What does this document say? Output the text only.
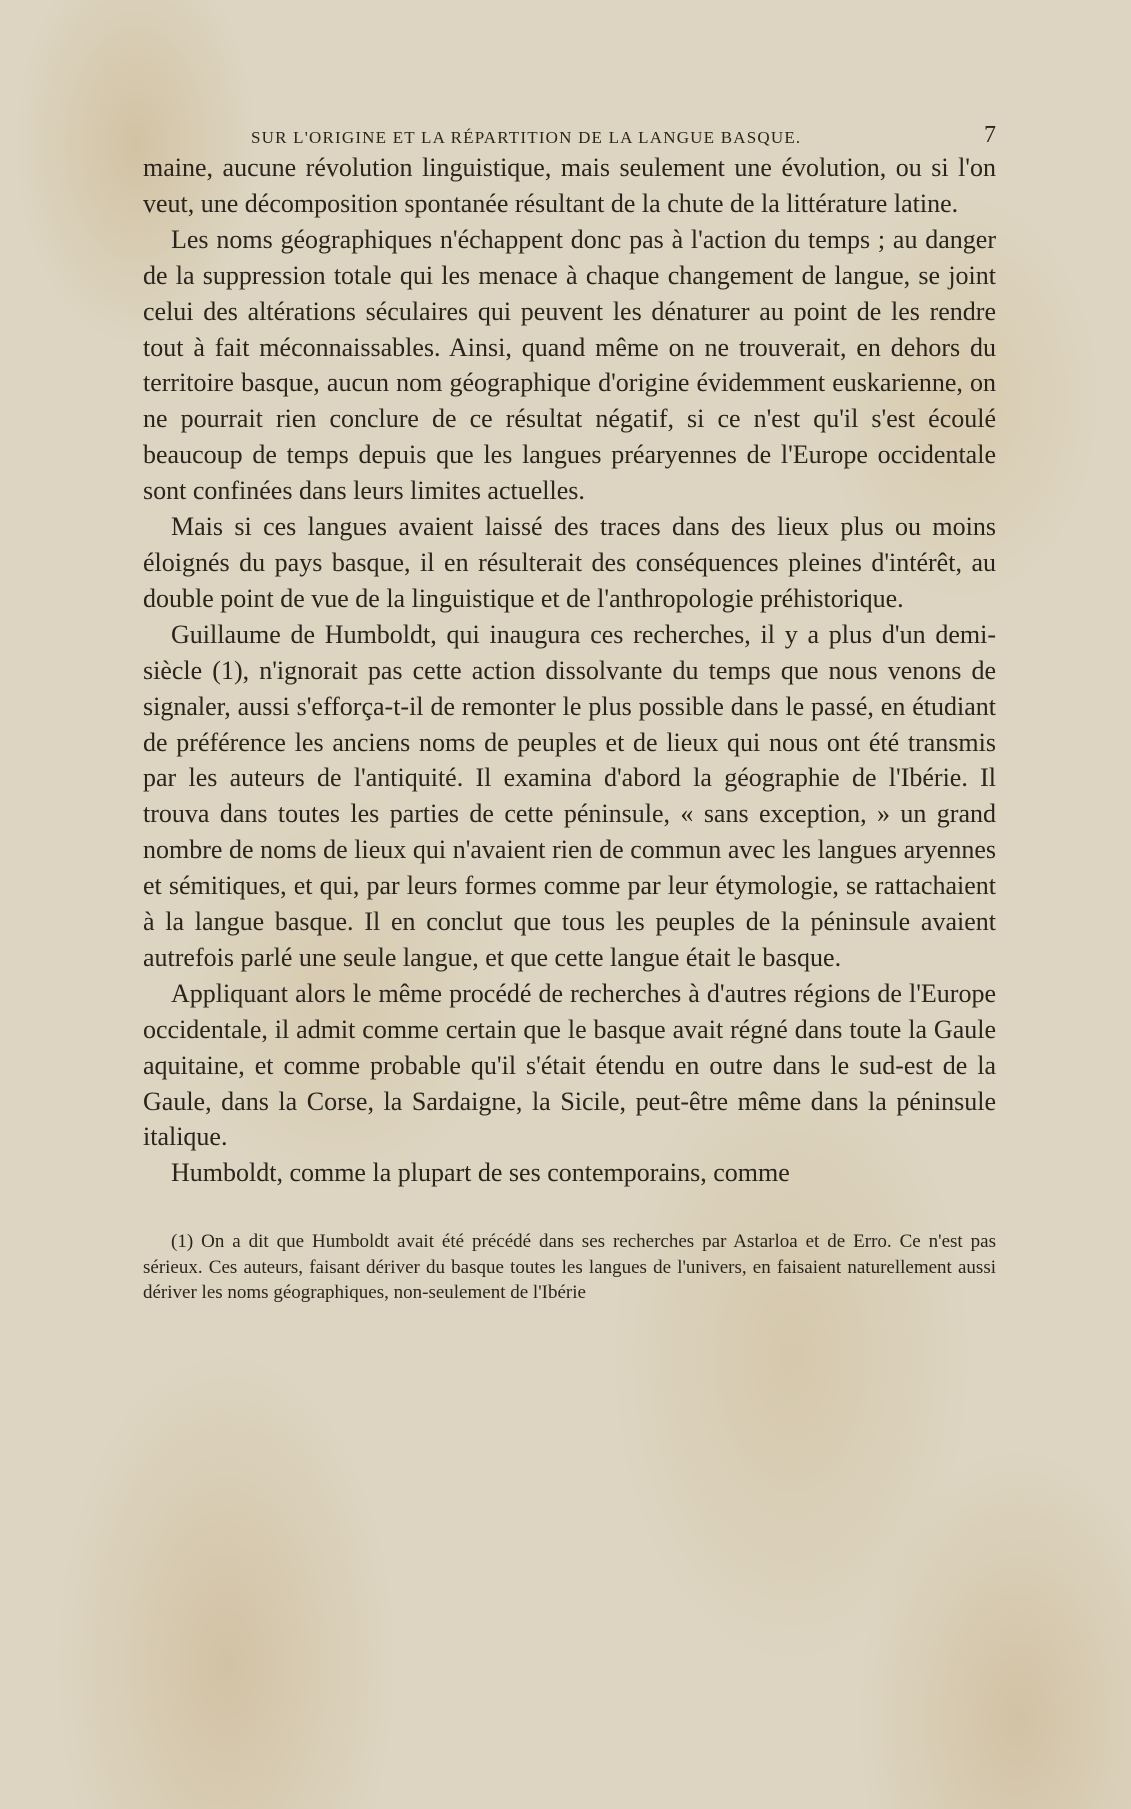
SUR L'ORIGINE ET LA RÉPARTITION DE LA LANGUE BASQUE.	7

maine, aucune révolution linguistique, mais seulement une évolution, ou si l'on veut, une décomposition spontanée résultant de la chute de la littérature latine.

Les noms géographiques n'échappent donc pas à l'action du temps ; au danger de la suppression totale qui les menace à chaque changement de langue, se joint celui des altérations séculaires qui peuvent les dénaturer au point de les rendre tout à fait méconnaissables. Ainsi, quand même on ne trouverait, en dehors du territoire basque, aucun nom géographique d'origine évidemment euskarienne, on ne pourrait rien conclure de ce résultat négatif, si ce n'est qu'il s'est écoulé beaucoup de temps depuis que les langues préaryennes de l'Europe occidentale sont confinées dans leurs limites actuelles.

Mais si ces langues avaient laissé des traces dans des lieux plus ou moins éloignés du pays basque, il en résulterait des conséquences pleines d'intérêt, au double point de vue de la linguistique et de l'anthropologie préhistorique.

Guillaume de Humboldt, qui inaugura ces recherches, il y a plus d'un demi-siècle (1), n'ignorait pas cette action dissolvante du temps que nous venons de signaler, aussi s'efforça-t-il de remonter le plus possible dans le passé, en étudiant de préférence les anciens noms de peuples et de lieux qui nous ont été transmis par les auteurs de l'antiquité. Il examina d'abord la géographie de l'Ibérie. Il trouva dans toutes les parties de cette péninsule, « sans exception, » un grand nombre de noms de lieux qui n'avaient rien de commun avec les langues aryennes et sémitiques, et qui, par leurs formes comme par leur étymologie, se rattachaient à la langue basque. Il en conclut que tous les peuples de la péninsule avaient autrefois parlé une seule langue, et que cette langue était le basque.

Appliquant alors le même procédé de recherches à d'autres régions de l'Europe occidentale, il admit comme certain que le basque avait régné dans toute la Gaule aquitaine, et comme probable qu'il s'était étendu en outre dans le sud-est de la Gaule, dans la Corse, la Sardaigne, la Sicile, peut-être même dans la péninsule italique.

Humboldt, comme la plupart de ses contemporains, comme

(1) On a dit que Humboldt avait été précédé dans ses recherches par Astarloa et de Erro. Ce n'est pas sérieux. Ces auteurs, faisant dériver du basque toutes les langues de l'univers, en faisaient naturellement aussi dériver les noms géographiques, non-seulement de l'Ibérie
